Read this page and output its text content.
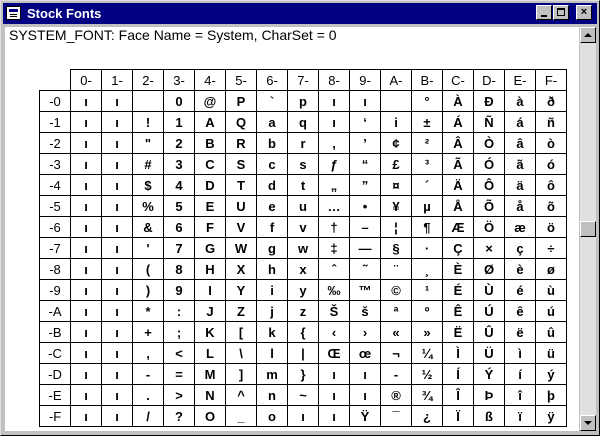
Stock Fonts	×
SYSTEM_FONT: Face Name = System, CharSet = 0
	0-	1-	2-	3-	4-	5-	6-	7-	8-	9-	A-	B-	C-	D-	E-	F-
-0	ı	ı		0	@	P	`	p	ı	ı		°	À	Ð	à	ð
-1	ı	ı	!	1	A	Q	a	q	ı	‘	i	±	Á	Ñ	á	ñ
-2	ı	ı	"	2	B	R	b	r	,	’	¢	²	Â	Ò	â	ò
-3	ı	ı	#	3	C	S	c	s	ƒ	“	£	³	Ã	Ó	ã	ó
-4	ı	ı	$	4	D	T	d	t	„	”	¤	´	Ä	Ô	ä	ô
-5	ı	ı	%	5	E	U	e	u	…	•	¥	µ	Å	Õ	å	õ
-6	ı	ı	&	6	F	V	f	v	†	–	¦	¶	Æ	Ö	æ	ö
-7	ı	ı	'	7	G	W	g	w	‡	—	§	·	Ç	×	ç	÷
-8	ı	ı	(	8	H	X	h	x	ˆ	˜	¨	¸	È	Ø	è	ø
-9	ı	ı	)	9	I	Y	i	y	‰	™	©	¹	É	Ù	é	ù
-A	ı	ı	*	:	J	Z	j	z	Š	š	ª	º	Ê	Ú	ê	ú
-B	ı	ı	+	;	K	[	k	{	‹	›	«	»	Ë	Û	ë	û
-C	ı	ı	,	<	L	\	l	|	Œ	œ	¬	¼	Ì	Ü	ì	ü
-D	ı	ı	-	=	M	]	m	}	ı	ı	-	½	Í	Ý	í	ý
-E	ı	ı	.	>	N	^	n	~	ı	ı	®	¾	Î	Þ	î	þ
-F	ı	ı	/	?	O	_	o	ı	ı	Ÿ	¯	¿	Ï	ß	ï	ÿ
